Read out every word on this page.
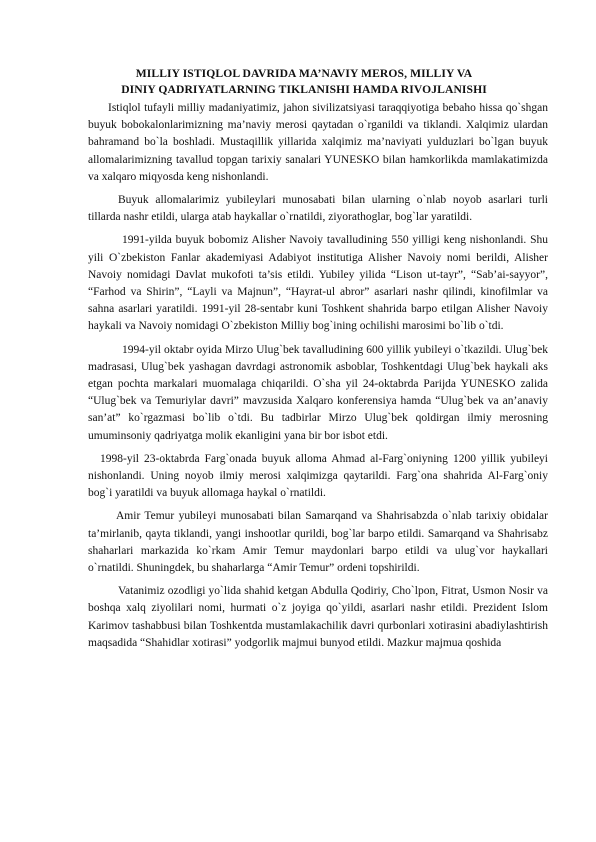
MILLIY ISTIQLOL DAVRIDA MA’NAVIY MEROS, MILLIY VA
DINIY QADRIYATLARNING TIKLANISHI HAMDA RIVOJLANISHI

Istiqlol tufayli milliy madaniyatimiz, jahon sivilizatsiyasi taraqqiyotiga bebaho hissa qo`shgan buyuk bobokalonlarimizning ma’naviy merosi qaytadan o`rganildi va tiklandi. Xalqimiz ulardan bahramand bo`la boshladi. Mustaqillik yillarida xalqimiz ma’naviyati yulduzlari bo`lgan buyuk allomalarimizning tavallud topgan tarixiy sanalari YUNESKO bilan hamkorlikda mamlakatimizda va xalqaro miqyosda keng nishonlandi.

Buyuk allomalarimiz yubileylari munosabati bilan ularning o`nlab noyob asarlari turli tillarda nashr etildi, ularga atab haykallar o`rnatildi, ziyorathoglar, bog`lar yaratildi.

1991-yilda buyuk bobomiz Alisher Navoiy tavalludining 550 yilligi keng nishonlandi. Shu yili O`zbekiston Fanlar akademiyasi Adabiyot institutiga Alisher Navoiy nomi berildi, Alisher Navoiy nomidagi Davlat mukofoti ta’sis etildi. Yubiley yilida “Lison ut-tayr”, “Sab’ai-sayyor”, “Farhod va Shirin”, “Layli va Majnun”, “Hayrat-ul abror” asarlari nashr qilindi, kinofilmlar va sahna asarlari yaratildi. 1991-yil 28-sentabr kuni Toshkent shahrida barpo etilgan Alisher Navoiy haykali va Navoiy nomidagi O`zbekiston Milliy bog`ining ochilishi marosimi bo`lib o`tdi.

1994-yil oktabr oyida Mirzo Ulug`bek tavalludining 600 yillik yubileyi o`tkazildi. Ulug`bek madrasasi, Ulug`bek yashagan davrdagi astronomik asboblar, Toshkentdagi Ulug`bek haykali aks etgan pochta markalari muomalaga chiqarildi. O`sha yil 24-oktabrda Parijda YUNESKO zalida “Ulug`bek va Temuriylar davri” mavzusida Xalqaro konferensiya hamda “Ulug`bek va an’anaviy san’at” ko`rgazmasi bo`lib o`tdi. Bu tadbirlar Mirzo Ulug`bek qoldirgan ilmiy merosning umuminsoniy qadriyatga molik ekanligini yana bir bor isbot etdi.

1998-yil 23-oktabrda Farg`onada buyuk alloma Ahmad al-Farg`oniyning 1200 yillik yubileyi nishonlandi. Uning noyob ilmiy merosi xalqimizga qaytarildi. Farg`ona shahrida Al-Farg`oniy bog`i yaratildi va buyuk allomaga haykal o`rnatildi.

Amir Temur yubileyi munosabati bilan Samarqand va Shahrisabzda o`nlab tarixiy obidalar ta’mirlanib, qayta tiklandi, yangi inshootlar qurildi, bog`lar barpo etildi. Samarqand va Shahrisabz shaharlari markazida ko`rkam Amir Temur maydonlari barpo etildi va ulug`vor haykallari o`rnatildi. Shuningdek, bu shaharlarga “Amir Temur” ordeni topshirildi.

Vatanimiz ozodligi yo`lida shahid ketgan Abdulla Qodiriy, Cho`lpon, Fitrat, Usmon Nosir va boshqa xalq ziyolilari nomi, hurmati o`z joyiga qo`yildi, asarlari nashr etildi. Prezident Islom Karimov tashabbusi bilan Toshkentda mustamlakachilik davri qurbonlari xotirasini abadiylashtirish maqsadida “Shahidlar xotirasi” yodgorlik majmui bunyod etildi. Mazkur majmua qoshida
